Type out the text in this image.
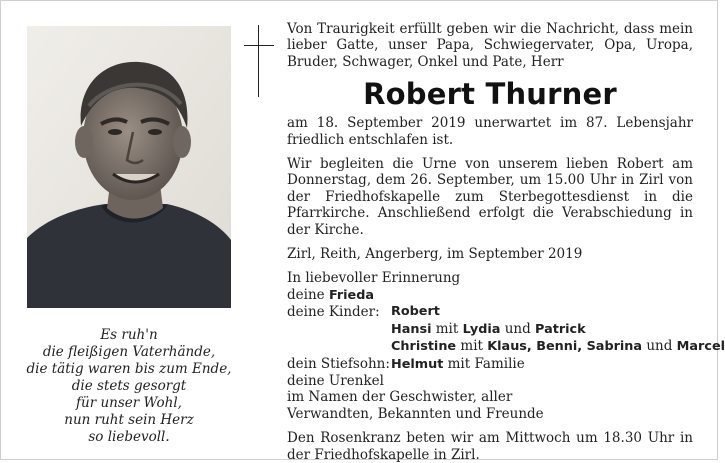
Es ruh'n
die fleißigen Vaterhände,
die tätig waren bis zum Ende,
die stets gesorgt
für unser Wohl,
nun ruht sein Herz
so liebevoll.
Von Traurigkeit erfüllt geben wir die Nachricht, dass mein lieber Gatte, unser Papa, Schwiegervater, Opa, Uropa, Bruder, Schwager, Onkel und Pate, Herr
Robert Thurner
am 18. September 2019 unerwartet im 87. Lebensjahr friedlich entschlafen ist.
Wir begleiten die Urne von unserem lieben Robert am Donnerstag, dem 26. September, um 15.00 Uhr in Zirl von der Friedhofskapelle zum Sterbegottesdienst in die Pfarrkirche. Anschließend erfolgt die Verabschiedung in der Kirche.
Zirl, Reith, Angerberg, im September 2019
In liebevoller Erinnerung
deine Frieda
deine Kinder: Robert
Hansi mit Lydia und Patrick
Christine mit Klaus, Benni, Sabrina und Marcel
dein Stiefsohn: Helmut mit Familie
deine Urenkel
im Namen der Geschwister, aller Verwandten, Bekannten und Freunde
Den Rosenkranz beten wir am Mittwoch um 18.30 Uhr in der Friedhofskapelle in Zirl.
